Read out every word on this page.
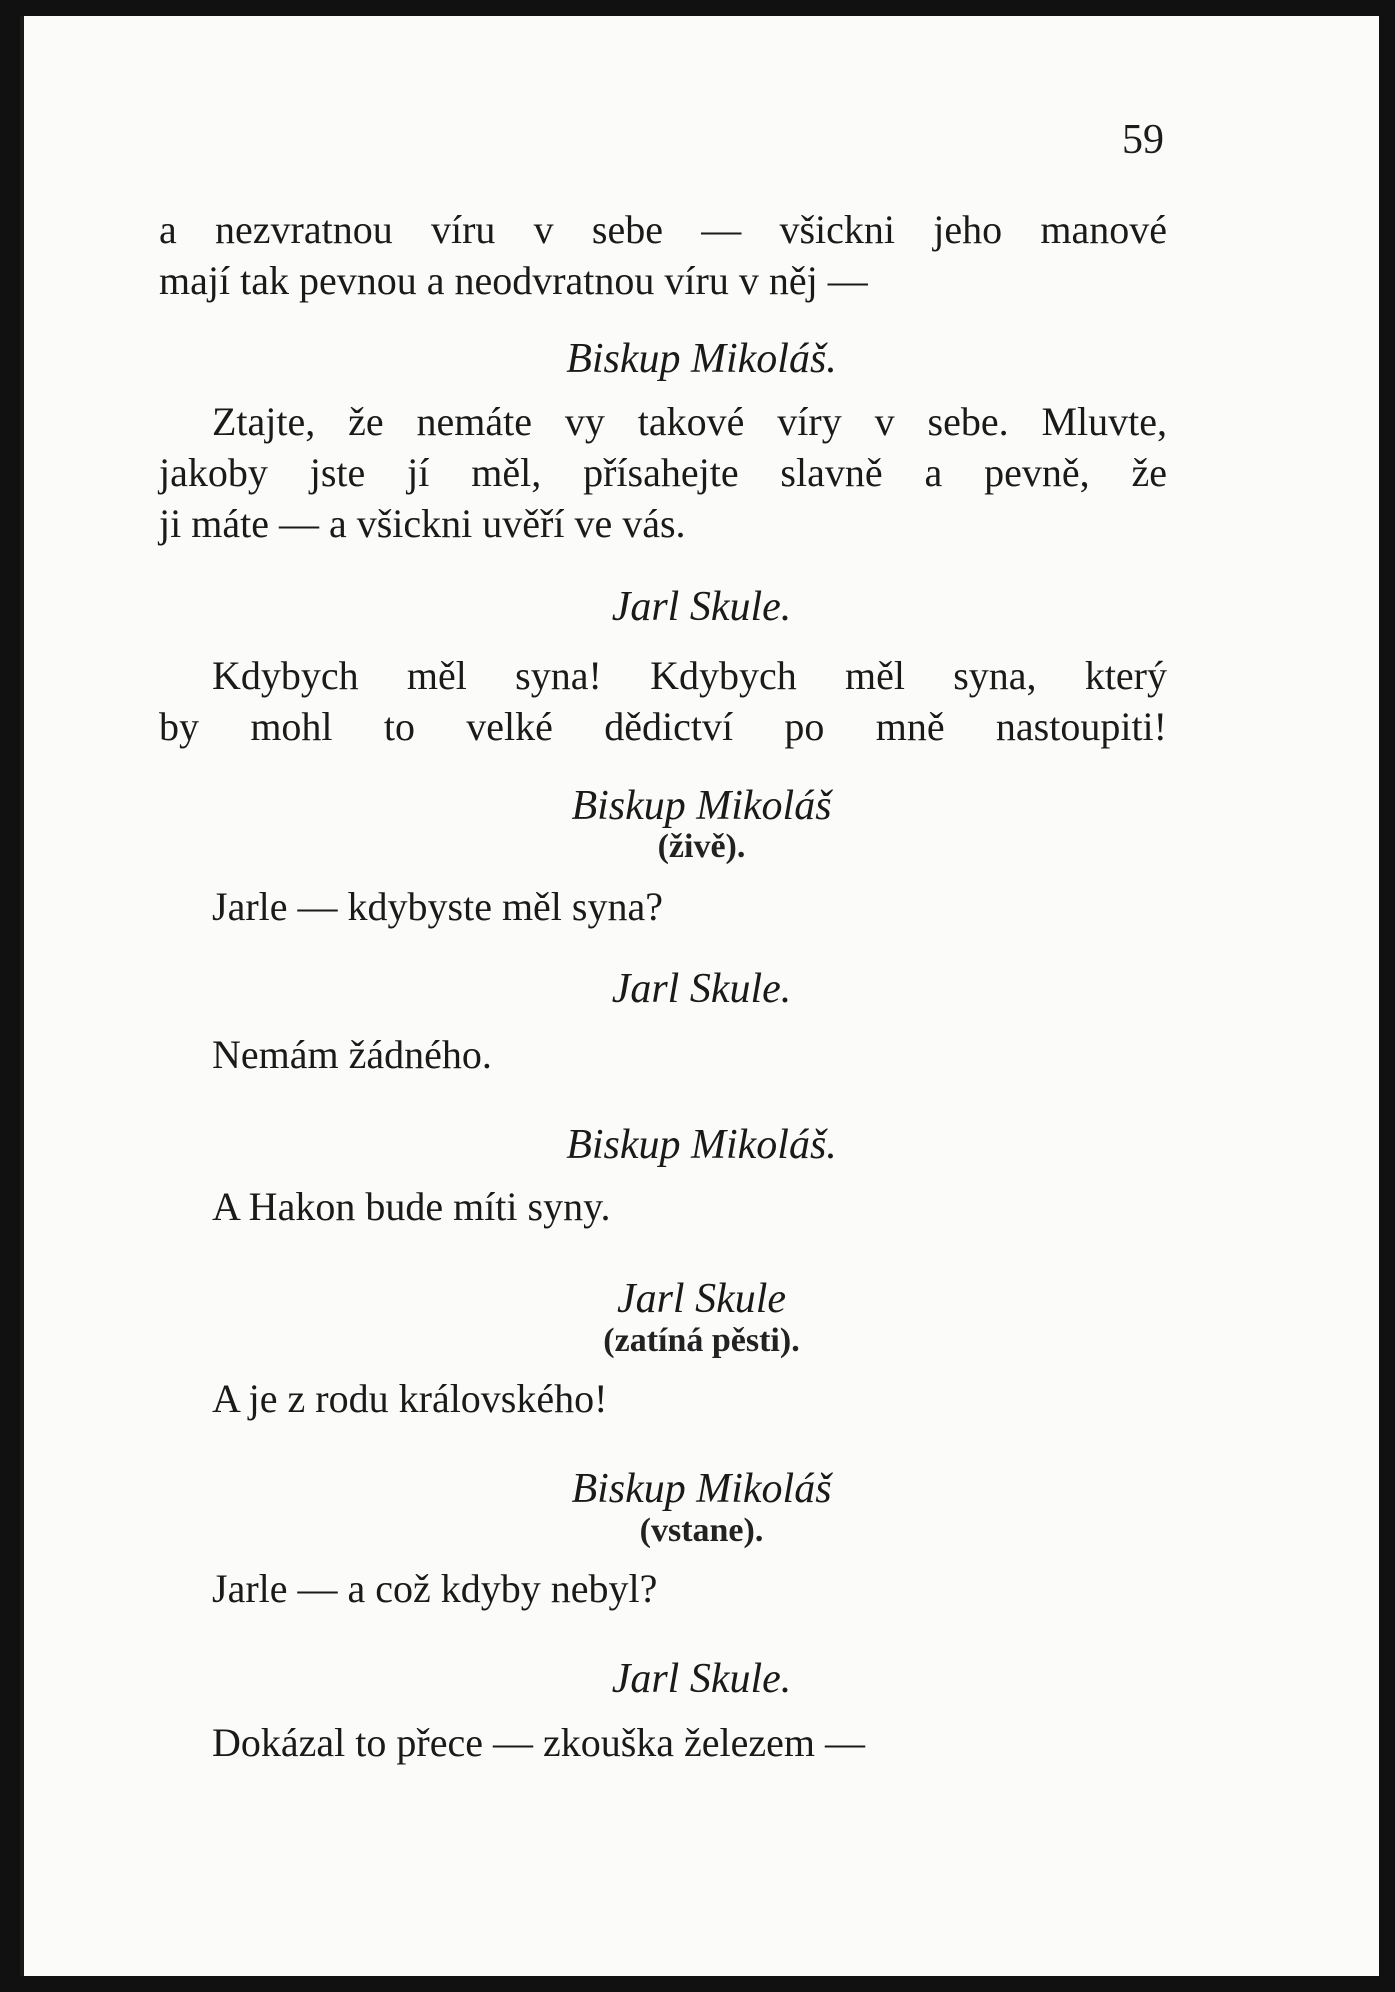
59
a nezvratnou víru v sebe — všickni jeho manové
mají tak pevnou a neodvratnou víru v něj —
Biskup Mikoláš.
Ztajte, že nemáte vy takové víry v sebe. Mluvte,
jakoby jste jí měl, přísahejte slavně a pevně, že
ji máte — a všickni uvěří ve vás.
Jarl Skule.
Kdybych měl syna! Kdybych měl syna, který
by mohl to velké dědictví po mně nastoupiti!
Biskup Mikoláš
(živě).
Jarle — kdybyste měl syna?
Jarl Skule.
Nemám žádného.
Biskup Mikoláš.
A Hakon bude míti syny.
Jarl Skule
(zatíná pěsti).
A je z rodu královského!
Biskup Mikoláš
(vstane).
Jarle — a což kdyby nebyl?
Jarl Skule.
Dokázal to přece — zkouška železem —
